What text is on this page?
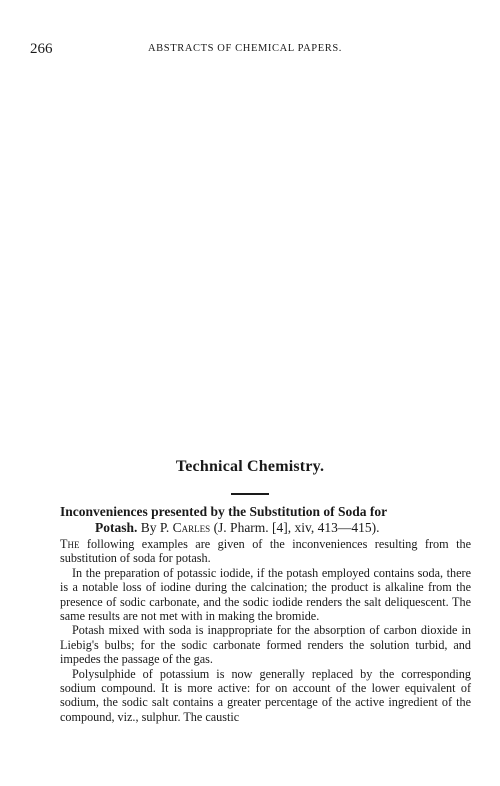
266	ABSTRACTS OF CHEMICAL PAPERS.
Technical Chemistry.
Inconveniences presented by the Substitution of Soda for
Potash. By P. Carles (J. Pharm. [4], xiv, 413—415).

The following examples are given of the inconveniences resulting from the substitution of soda for potash.

In the preparation of potassic iodide, if the potash employed contains soda, there is a notable loss of iodine during the calcination; the product is alkaline from the presence of sodic carbonate, and the sodic iodide renders the salt deliquescent. The same results are not met with in making the bromide.

Potash mixed with soda is inappropriate for the absorption of carbon dioxide in Liebig's bulbs; for the sodic carbonate formed renders the solution turbid, and impedes the passage of the gas.

Polysulphide of potassium is now generally replaced by the corresponding sodium compound. It is more active: for on account of the lower equivalent of sodium, the sodic salt contains a greater percentage of the active ingredient of the compound, viz., sulphur. The caustic
